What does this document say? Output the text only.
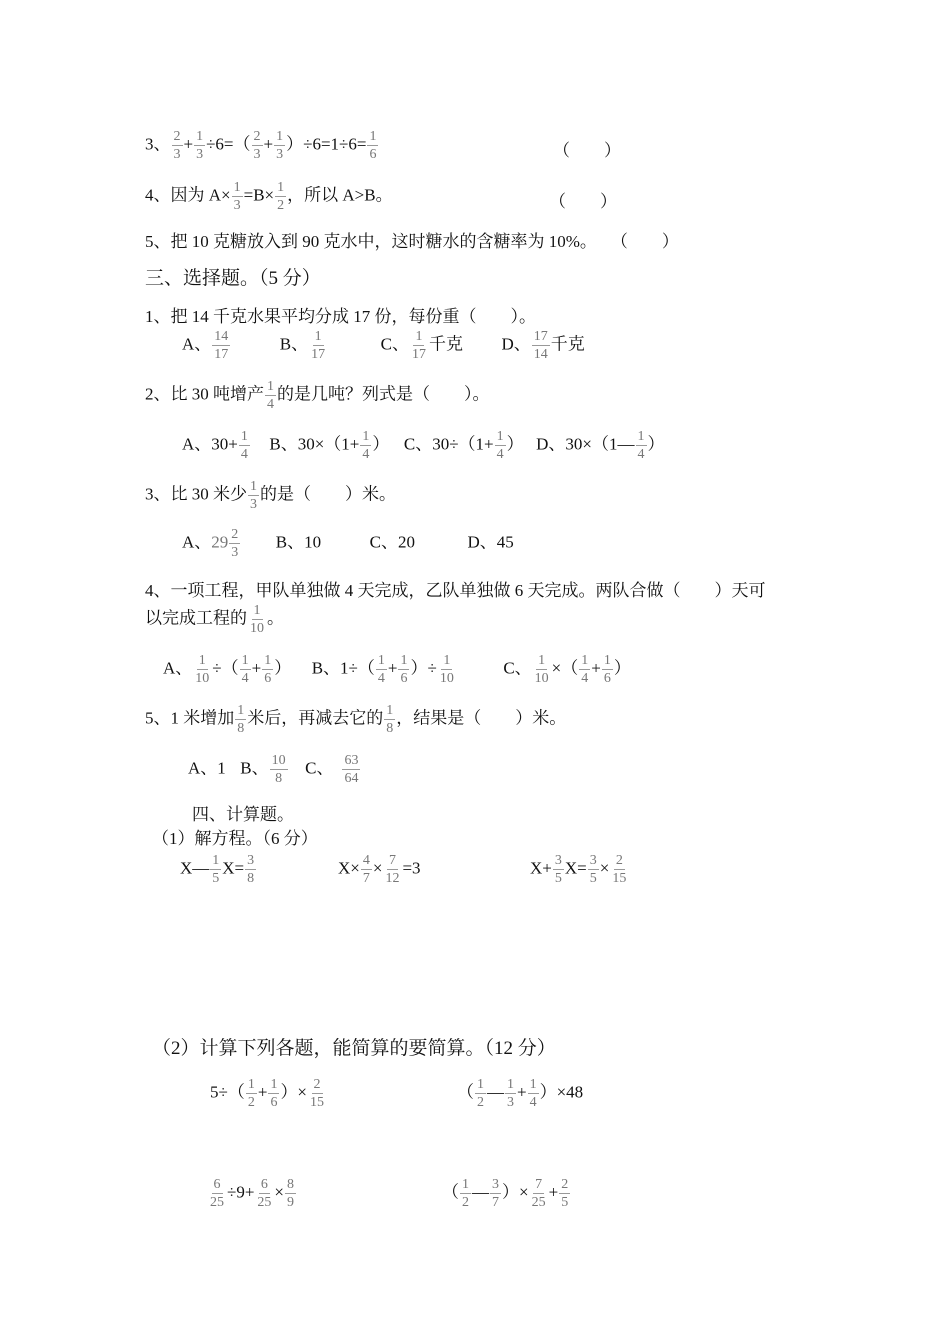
3、 $\frac{2}{3} + \frac{1}{3} \div 6=( \frac{2}{3} + \frac{1}{3} )\div 6=1\div 6= \frac{1}{6}$	（　　）
4、因为 $A\times \frac{1}{3} =B\times \frac{1}{2}$ ，所以 A>B。	（　　）
5、把 10 克糖放入到 90 克水中，这时糖水的含糖率为 10%。 （　　）
三、选择题。（5 分）
1、把 14 千克水果平均分成 17 份，每份重（　　）。
A、 $\frac{14}{17}$	B、 $\frac{1}{17}$	C、 $\frac{1}{17}$ 千克 D、 $\frac{17}{14}$ 千克
2、比 30 吨增产 $\frac{1}{4}$ 的是几吨？列式是（　　）。
A、$30+ \frac{1}{4}$ B、$30\times(1+ \frac{1}{4}$ ） C、$30\div(1+ \frac{1}{4}$ ） D、30×（1— $\frac{1}{4}$ ）
3、比 30 米少 $\frac{1}{3}$ 的是（　　）米。
A、$29 \frac{2}{3}$ B、10	C、20	D、45
4、一项工程，甲队单独做 4 天完成，乙队单独做 6 天完成。两队合做（　　）天可
以完成工程的 $\frac{1}{10}$ 。
A、 $\frac{1}{10}$ ÷（ $\frac{1}{4} + \frac{1}{6}$ ） B、$1\div( \frac{1}{4} + \frac{1}{6}$ ）÷ $\frac{1}{10}$	C、 $\frac{1}{10}$ ×（ $\frac{1}{4} + \frac{1}{6}$ ）
5、1 米增加 $\frac{1}{8}$ 米后，再减去它的 $\frac{1}{8}$ ，结果是（　　）米。
A、1 B、 $\frac{10}{8}$ C、 $\frac{63}{64}$
四、计算题。
（1）解方程。（6 分）
X— $\frac{1}{5} X= \frac{3}{8}$	$X\times \frac{4}{7} \times \frac{7}{12} =3$	$X+ \frac{3}{5} X= \frac{3}{5} \times \frac{2}{15}$
（2）计算下列各题，能简算的要简算。（12 分）
$5\div( \frac{1}{2} + \frac{1}{6}$ ）× $\frac{2}{15}$	（ $\frac{1}{2}$ — $\frac{1}{3} + \frac{1}{4} )\times 48$
$\frac{6}{25} \div 9+ \frac{6}{25} \times \frac{8}{9}$	（ $\frac{1}{2}$ — $\frac{3}{7}$ ）× $\frac{7}{25} + \frac{2}{5}$
